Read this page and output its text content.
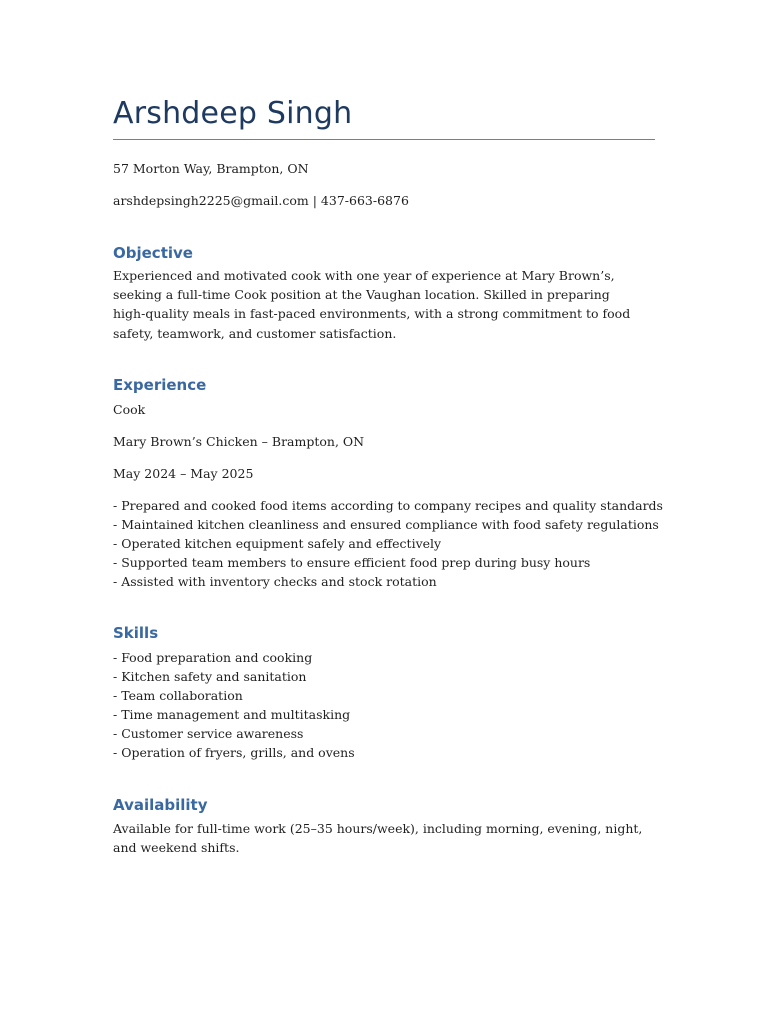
Arshdeep Singh
57 Morton Way, Brampton, ON
arshdepsingh2225@gmail.com | 437-663-6876
Objective
Experienced and motivated cook with one year of experience at Mary Brown’s, seeking a full-time Cook position at the Vaughan location. Skilled in preparing high-quality meals in fast-paced environments, with a strong commitment to food safety, teamwork, and customer satisfaction.
Experience
Cook
Mary Brown’s Chicken – Brampton, ON
May 2024 – May 2025
- Prepared and cooked food items according to company recipes and quality standards
- Maintained kitchen cleanliness and ensured compliance with food safety regulations
- Operated kitchen equipment safely and effectively
- Supported team members to ensure efficient food prep during busy hours
- Assisted with inventory checks and stock rotation
Skills
- Food preparation and cooking
- Kitchen safety and sanitation
- Team collaboration
- Time management and multitasking
- Customer service awareness
- Operation of fryers, grills, and ovens
Availability
Available for full-time work (25–35 hours/week), including morning, evening, night, and weekend shifts.
